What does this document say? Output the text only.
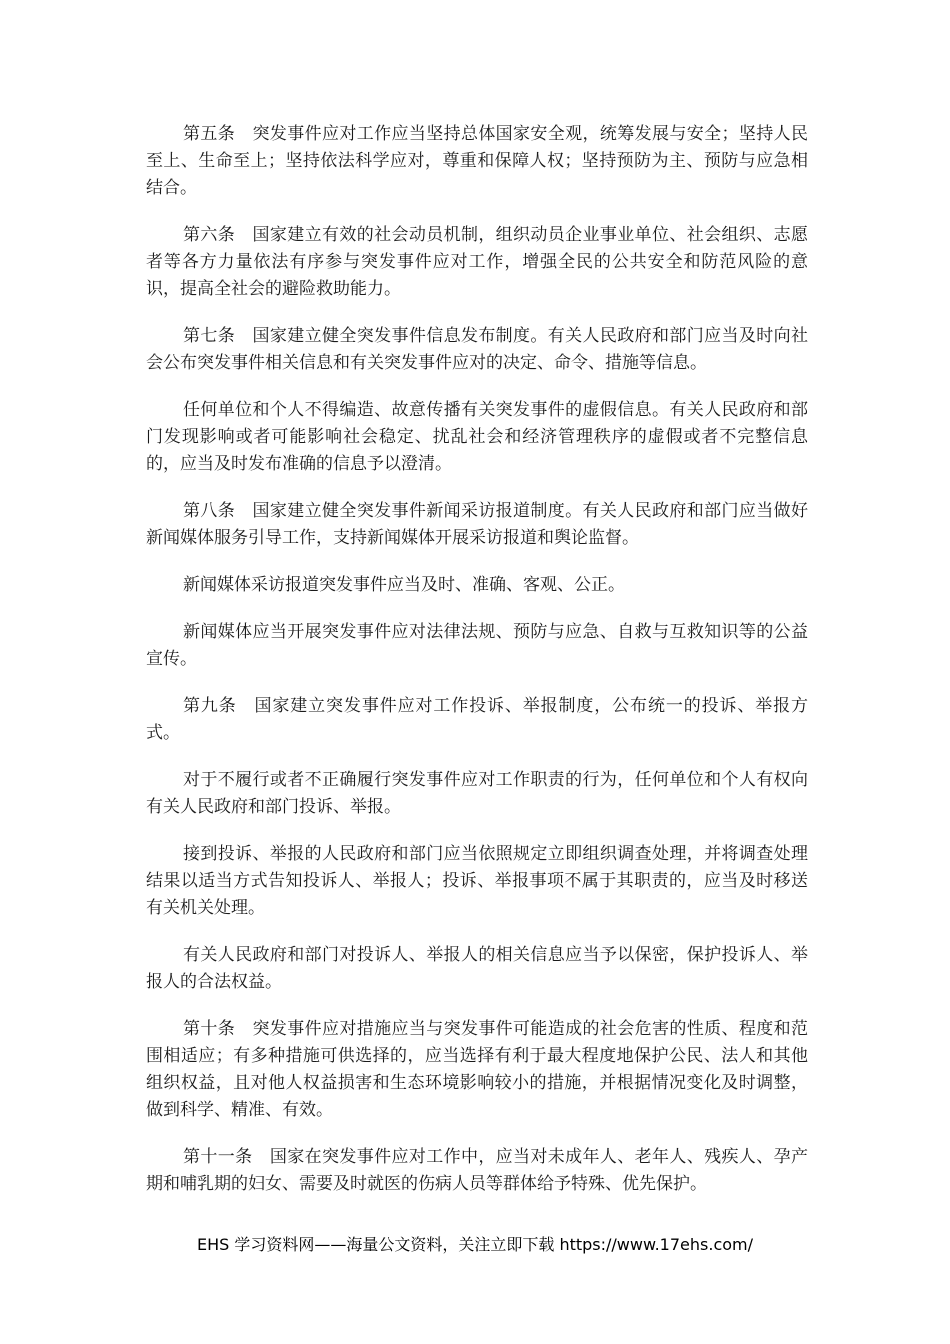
第五条　突发事件应对工作应当坚持总体国家安全观，统筹发展与安全；坚持人民至上、生命至上；坚持依法科学应对，尊重和保障人权；坚持预防为主、预防与应急相结合。

第六条　国家建立有效的社会动员机制，组织动员企业事业单位、社会组织、志愿者等各方力量依法有序参与突发事件应对工作，增强全民的公共安全和防范风险的意识，提高全社会的避险救助能力。

第七条　国家建立健全突发事件信息发布制度。有关人民政府和部门应当及时向社会公布突发事件相关信息和有关突发事件应对的决定、命令、措施等信息。

任何单位和个人不得编造、故意传播有关突发事件的虚假信息。有关人民政府和部门发现影响或者可能影响社会稳定、扰乱社会和经济管理秩序的虚假或者不完整信息的，应当及时发布准确的信息予以澄清。

第八条　国家建立健全突发事件新闻采访报道制度。有关人民政府和部门应当做好新闻媒体服务引导工作，支持新闻媒体开展采访报道和舆论监督。

新闻媒体采访报道突发事件应当及时、准确、客观、公正。

新闻媒体应当开展突发事件应对法律法规、预防与应急、自救与互救知识等的公益宣传。

第九条　国家建立突发事件应对工作投诉、举报制度，公布统一的投诉、举报方式。

对于不履行或者不正确履行突发事件应对工作职责的行为，任何单位和个人有权向有关人民政府和部门投诉、举报。

接到投诉、举报的人民政府和部门应当依照规定立即组织调查处理，并将调查处理结果以适当方式告知投诉人、举报人；投诉、举报事项不属于其职责的，应当及时移送有关机关处理。

有关人民政府和部门对投诉人、举报人的相关信息应当予以保密，保护投诉人、举报人的合法权益。

第十条　突发事件应对措施应当与突发事件可能造成的社会危害的性质、程度和范围相适应；有多种措施可供选择的，应当选择有利于最大程度地保护公民、法人和其他组织权益，且对他人权益损害和生态环境影响较小的措施，并根据情况变化及时调整，做到科学、精准、有效。

第十一条　国家在突发事件应对工作中，应当对未成年人、老年人、残疾人、孕产期和哺乳期的妇女、需要及时就医的伤病人员等群体给予特殊、优先保护。

EHS 学习资料网——海量公文资料，关注立即下载 https://www.17ehs.com/
